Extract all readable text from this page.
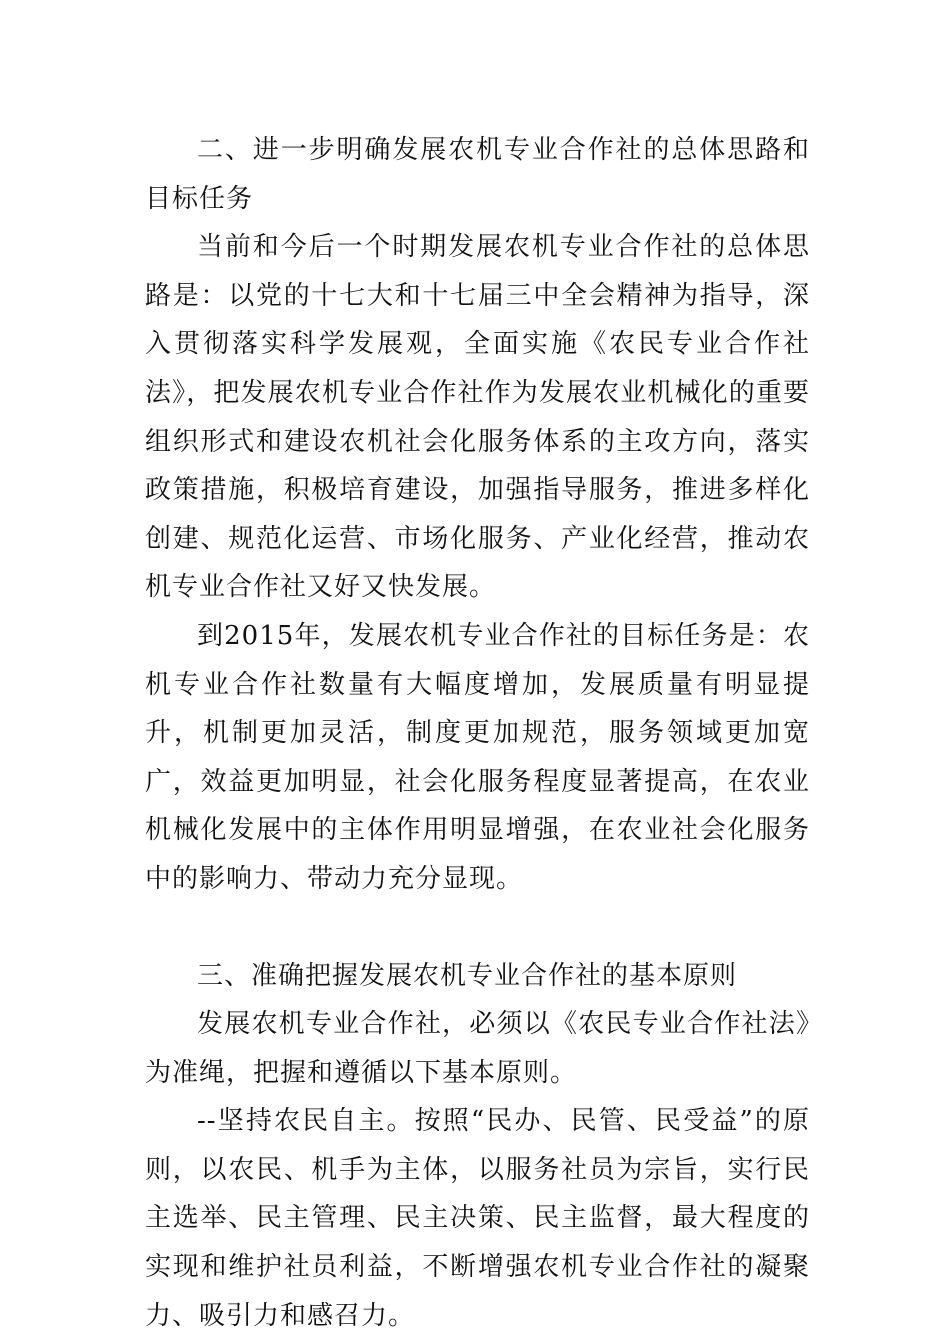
二、进一步明确发展农机专业合作社的总体思路和目标任务

当前和今后一个时期发展农机专业合作社的总体思路是：以党的十七大和十七届三中全会精神为指导，深入贯彻落实科学发展观，全面实施《农民专业合作社法》，把发展农机专业合作社作为发展农业机械化的重要组织形式和建设农机社会化服务体系的主攻方向，落实政策措施，积极培育建设，加强指导服务，推进多样化创建、规范化运营、市场化服务、产业化经营，推动农机专业合作社又好又快发展。

到2015年，发展农机专业合作社的目标任务是：农机专业合作社数量有大幅度增加，发展质量有明显提升，机制更加灵活，制度更加规范，服务领域更加宽广，效益更加明显，社会化服务程度显著提高，在农业机械化发展中的主体作用明显增强，在农业社会化服务中的影响力、带动力充分显现。

三、准确把握发展农机专业合作社的基本原则

发展农机专业合作社，必须以《农民专业合作社法》为准绳，把握和遵循以下基本原则。

--坚持农民自主。按照“民办、民管、民受益”的原则，以农民、机手为主体，以服务社员为宗旨，实行民主选举、民主管理、民主决策、民主监督，最大程度的实现和维护社员利益，不断增强农机专业合作社的凝聚力、吸引力和感召力。
